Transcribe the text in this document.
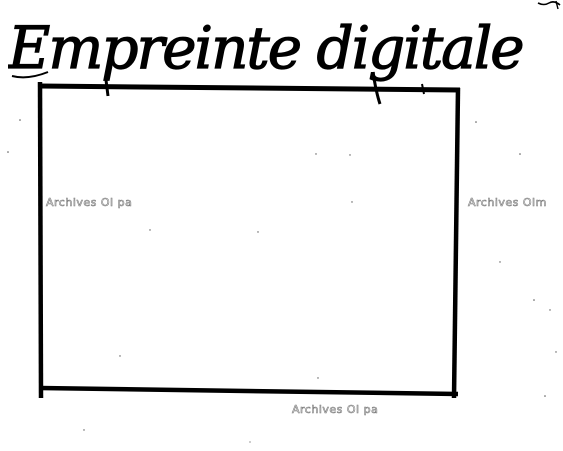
Empreinte digitale
Archives Ol pa	Archives Olm
Archives Ol pa
